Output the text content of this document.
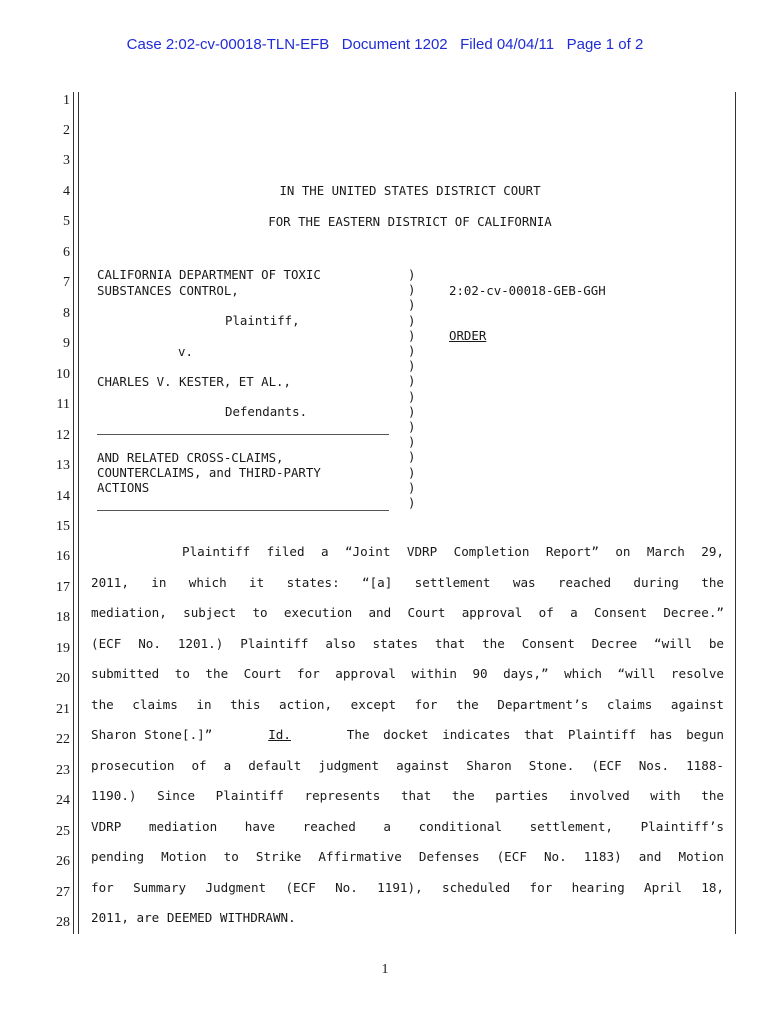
Case 2:02-cv-00018-TLN-EFB   Document 1202   Filed 04/04/11   Page 1 of 2
1
2
3
4
5
6
7
8
9
10
11
12
13
14
15
16
17
18
19
20
21
22
23
24
25
26
27
28
IN THE UNITED STATES DISTRICT COURT
FOR THE EASTERN DISTRICT OF CALIFORNIA
CALIFORNIA DEPARTMENT OF TOXIC
SUBSTANCES CONTROL,
Plaintiff,
v.
CHARLES V. KESTER, ET AL.,
Defendants.
AND RELATED CROSS-CLAIMS,
COUNTERCLAIMS, and THIRD-PARTY
ACTIONS
)
)
)
)
)
)
)
)
)
)
)
)
)
)
)
)
2:02-cv-00018-GEB-GGH
ORDER
Plaintiff filed a “Joint VDRP Completion Report” on March 29,
2011, in which it states: “[a] settlement was reached during the
mediation, subject to execution and Court approval of a Consent Decree.”
(ECF No. 1201.) Plaintiff also states that the Consent Decree “will be
submitted to the Court for approval within 90 days,” which “will resolve
the claims in this action, except for the Department’s claims against
Sharon Stone[.]”	Id.	The docket indicates that Plaintiff has begun
prosecution of a default judgment against Sharon Stone. (ECF Nos. 1188-
1190.) Since Plaintiff represents that the parties involved with the
VDRP mediation have reached a conditional settlement, Plaintiff’s
pending Motion to Strike Affirmative Defenses (ECF No. 1183) and Motion
for Summary Judgment (ECF No. 1191), scheduled for hearing April 18,
2011, are DEEMED WITHDRAWN.
1
